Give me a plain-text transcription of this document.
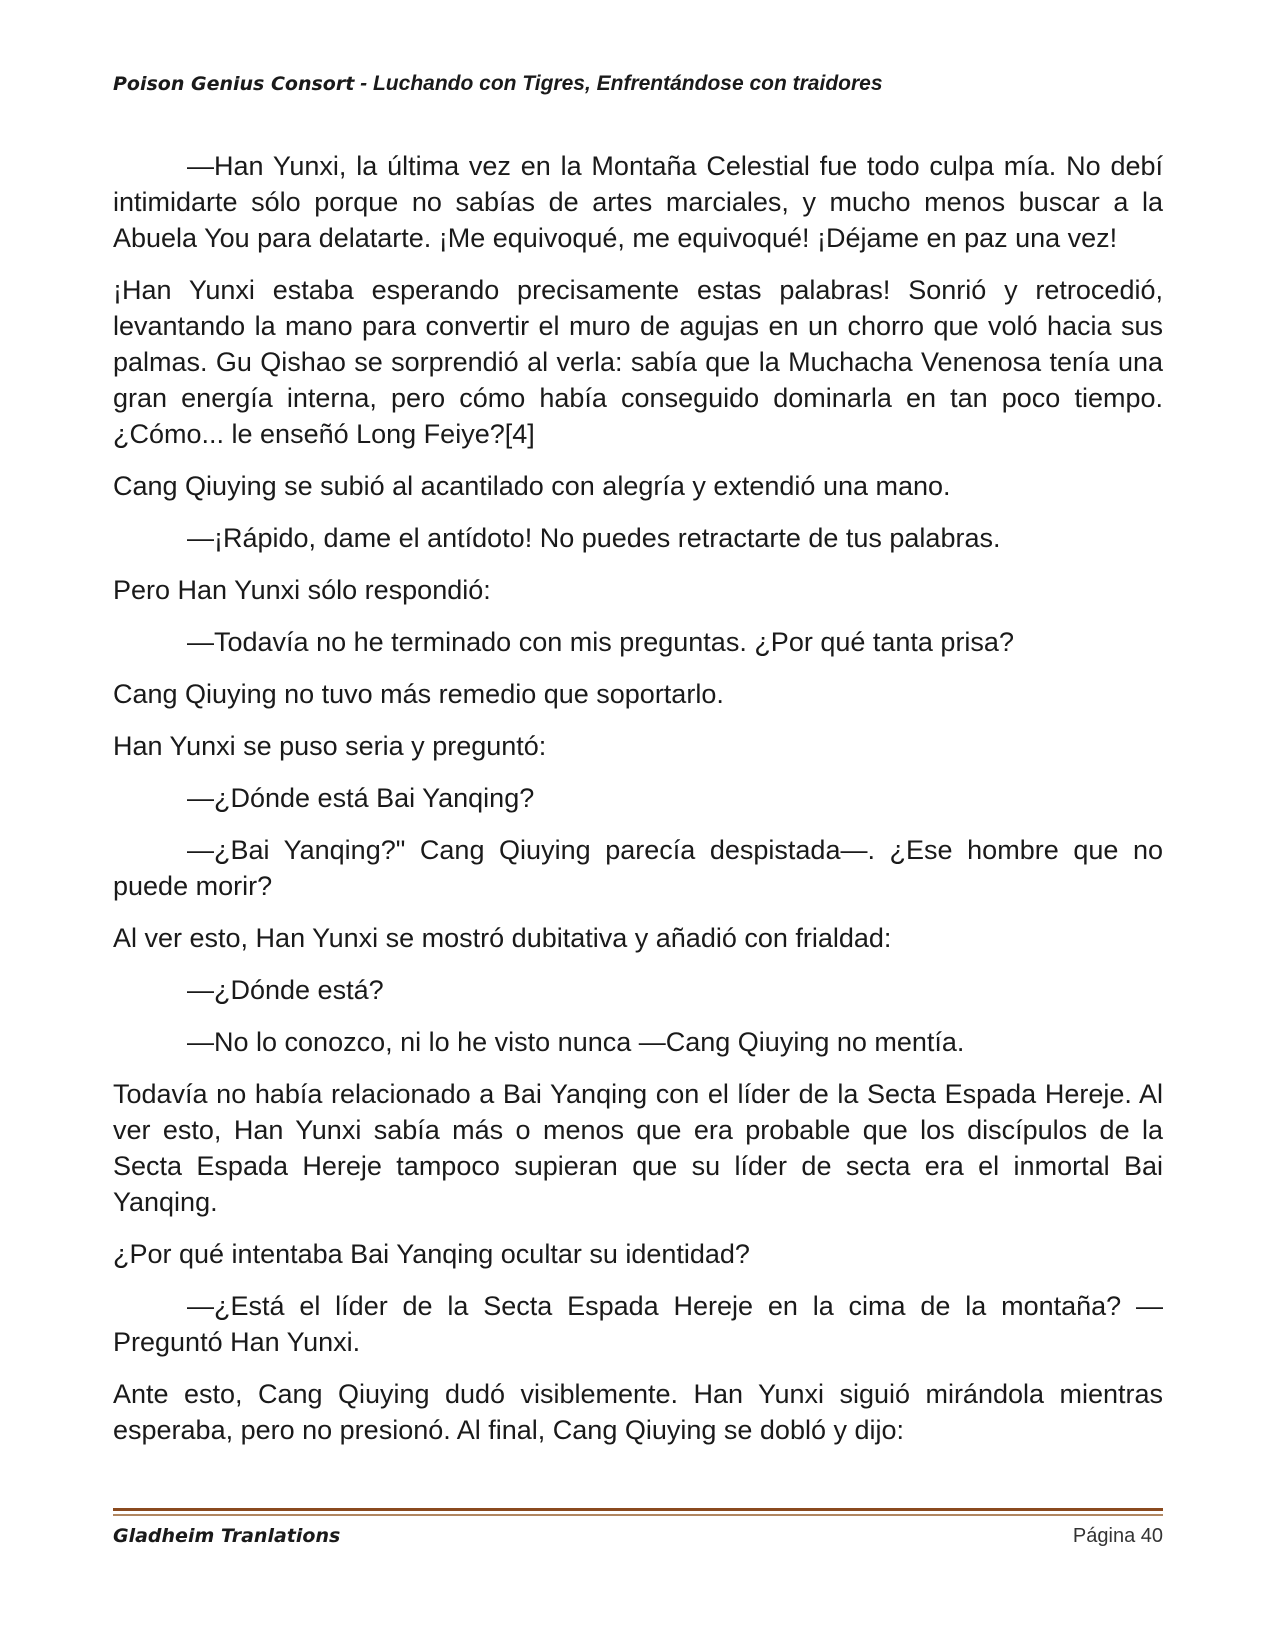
Poison Genius Consort - Luchando con Tigres, Enfrentándose con traidores

—Han Yunxi, la última vez en la Montaña Celestial fue todo culpa mía. No debí intimidarte sólo porque no sabías de artes marciales, y mucho menos buscar a la Abuela You para delatarte. ¡Me equivoqué, me equivoqué! ¡Déjame en paz una vez!

¡Han Yunxi estaba esperando precisamente estas palabras! Sonrió y retrocedió, levantando la mano para convertir el muro de agujas en un chorro que voló hacia sus palmas. Gu Qishao se sorprendió al verla: sabía que la Muchacha Venenosa tenía una gran energía interna, pero cómo había conseguido dominarla en tan poco tiempo. ¿Cómo... le enseñó Long Feiye?[4]

Cang Qiuying se subió al acantilado con alegría y extendió una mano.

—¡Rápido, dame el antídoto! No puedes retractarte de tus palabras.

Pero Han Yunxi sólo respondió:

—Todavía no he terminado con mis preguntas. ¿Por qué tanta prisa?

Cang Qiuying no tuvo más remedio que soportarlo.

Han Yunxi se puso seria y preguntó:

—¿Dónde está Bai Yanqing?

—¿Bai Yanqing?" Cang Qiuying parecía despistada—. ¿Ese hombre que no puede morir?

Al ver esto, Han Yunxi se mostró dubitativa y añadió con frialdad:

—¿Dónde está?

—No lo conozco, ni lo he visto nunca —Cang Qiuying no mentía.

Todavía no había relacionado a Bai Yanqing con el líder de la Secta Espada Hereje. Al ver esto, Han Yunxi sabía más o menos que era probable que los discípulos de la Secta Espada Hereje tampoco supieran que su líder de secta era el inmortal Bai Yanqing.

¿Por qué intentaba Bai Yanqing ocultar su identidad?

—¿Está el líder de la Secta Espada Hereje en la cima de la montaña? —Preguntó Han Yunxi.

Ante esto, Cang Qiuying dudó visiblemente. Han Yunxi siguió mirándola mientras esperaba, pero no presionó. Al final, Cang Qiuying se dobló y dijo:

Gladheim Tranlations	Página 40
